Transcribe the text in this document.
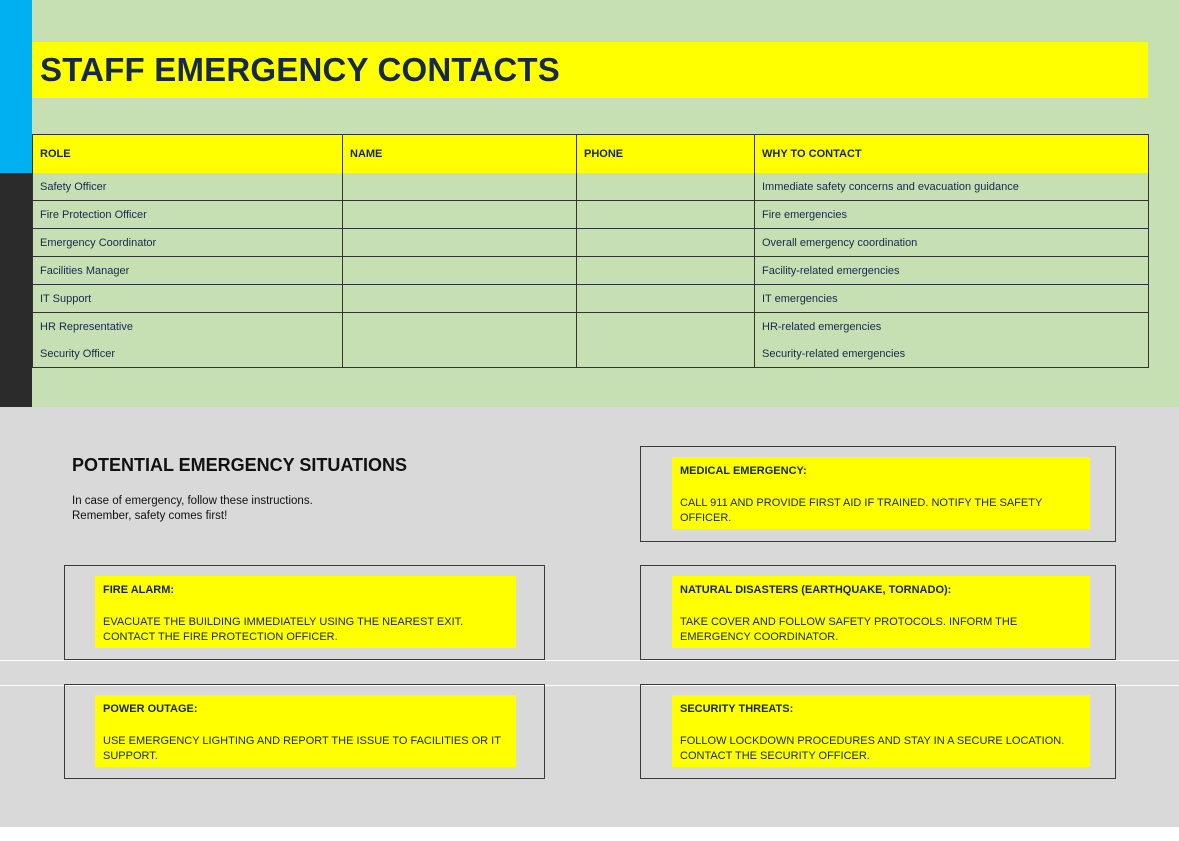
STAFF EMERGENCY CONTACTS
ROLE	NAME	PHONE	WHY TO CONTACT
Safety Officer			Immediate safety concerns and evacuation guidance
Fire Protection Officer			Fire emergencies
Emergency Coordinator			Overall emergency coordination
Facilities Manager			Facility-related emergencies
IT Support			IT emergencies
HR Representative			HR-related emergencies
Security Officer			Security-related emergencies
POTENTIAL EMERGENCY SITUATIONS
In case of emergency, follow these instructions.
Remember, safety comes first!
MEDICAL EMERGENCY:
CALL 911 AND PROVIDE FIRST AID IF TRAINED. NOTIFY THE SAFETY OFFICER.
FIRE ALARM:
EVACUATE THE BUILDING IMMEDIATELY USING THE NEAREST EXIT. CONTACT THE FIRE PROTECTION OFFICER.
NATURAL DISASTERS (EARTHQUAKE, TORNADO):
TAKE COVER AND FOLLOW SAFETY PROTOCOLS. INFORM THE EMERGENCY COORDINATOR.
POWER OUTAGE:
USE EMERGENCY LIGHTING AND REPORT THE ISSUE TO FACILITIES OR IT SUPPORT.
SECURITY THREATS:
FOLLOW LOCKDOWN PROCEDURES AND STAY IN A SECURE LOCATION. CONTACT THE SECURITY OFFICER.
